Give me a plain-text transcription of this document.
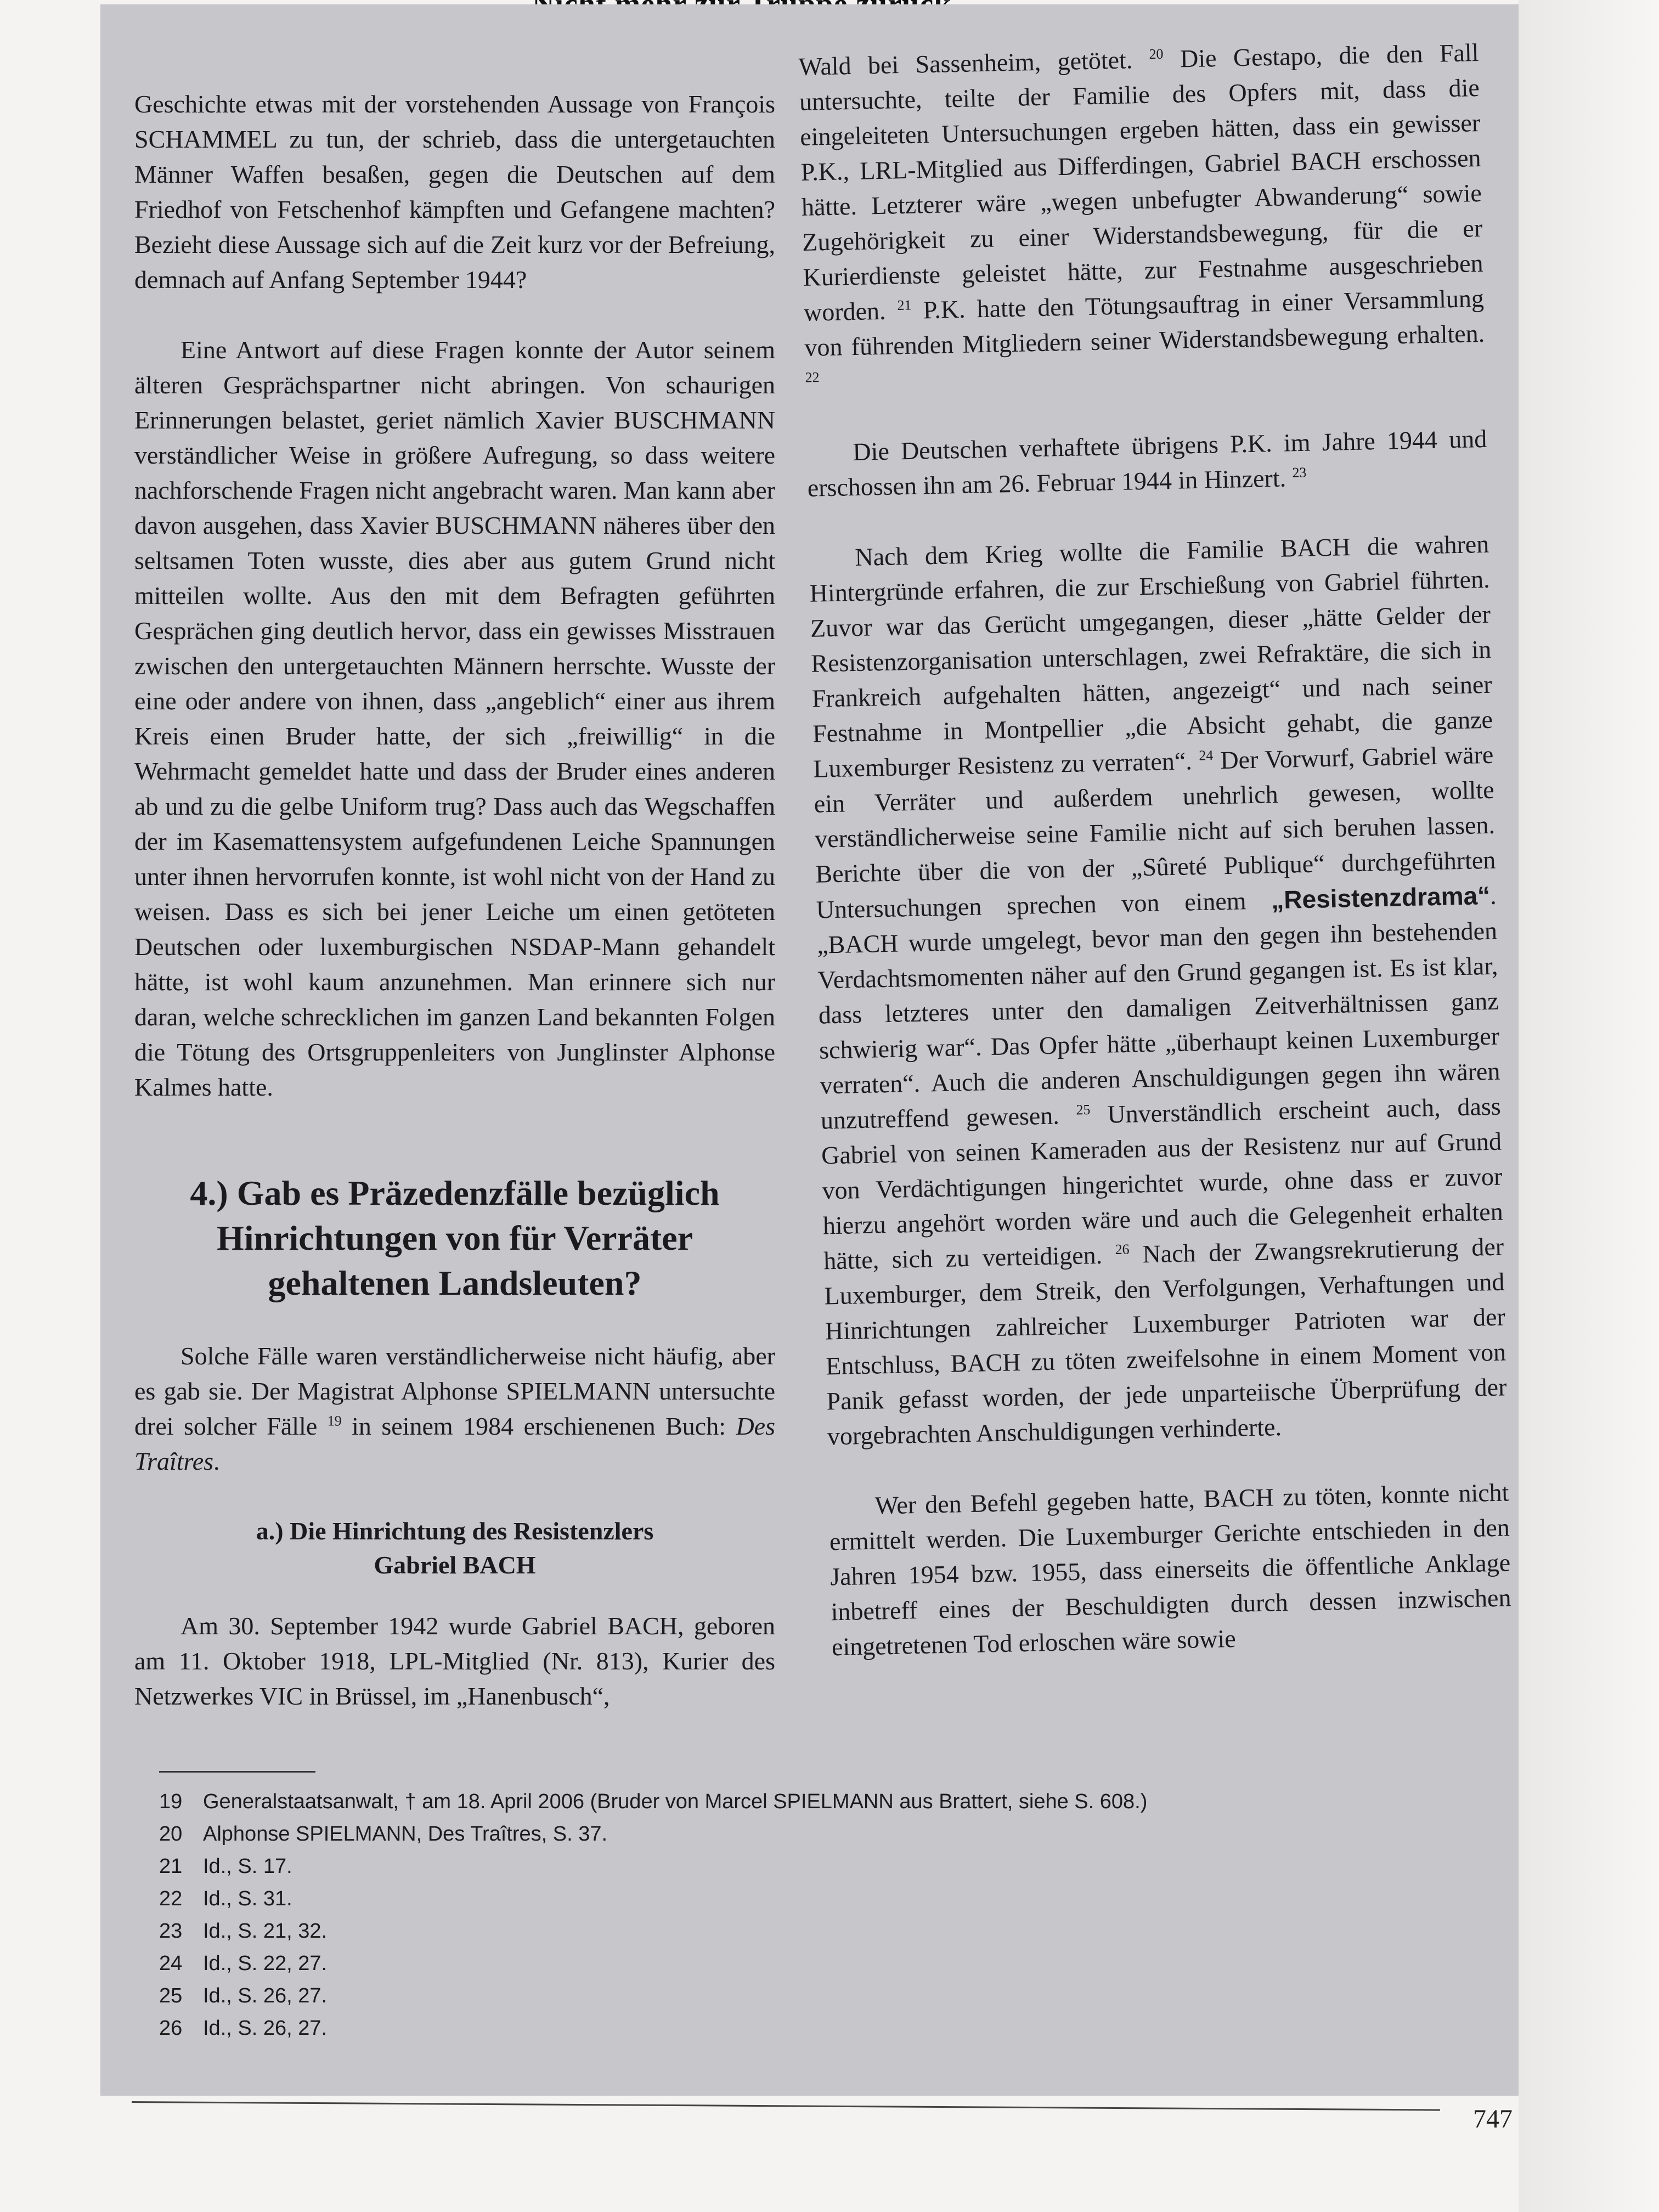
Geschichte etwas mit der vorstehenden Aussage von François SCHAMMEL zu tun, der schrieb, dass die untergetauchten Männer Waffen besaßen, gegen die Deutschen auf dem Friedhof von Fetschenhof kämpften und Gefangene machten? Bezieht diese Aussage sich auf die Zeit kurz vor der Befreiung, demnach auf Anfang September 1944?

Eine Antwort auf diese Fragen konnte der Autor seinem älteren Gesprächspartner nicht abringen. Von schaurigen Erinnerungen belastet, geriet nämlich Xavier BUSCHMANN verständlicher Weise in größere Aufregung, so dass weitere nachforschende Fragen nicht angebracht waren. Man kann aber davon ausgehen, dass Xavier BUSCHMANN näheres über den seltsamen Toten wusste, dies aber aus gutem Grund nicht mitteilen wollte. Aus den mit dem Befragten geführten Gesprächen ging deutlich hervor, dass ein gewisses Misstrauen zwischen den untergetauchten Männern herrschte. Wusste der eine oder andere von ihnen, dass „angeblich“ einer aus ihrem Kreis einen Bruder hatte, der sich „freiwillig“ in die Wehrmacht gemeldet hatte und dass der Bruder eines anderen ab und zu die gelbe Uniform trug? Dass auch das Wegschaffen der im Kasemattensystem aufgefundenen Leiche Spannungen unter ihnen hervorrufen konnte, ist wohl nicht von der Hand zu weisen. Dass es sich bei jener Leiche um einen getöteten Deutschen oder luxemburgischen NSDAP-Mann gehandelt hätte, ist wohl kaum anzunehmen. Man erinnere sich nur daran, welche schrecklichen im ganzen Land bekannten Folgen die Tötung des Ortsgruppenleiters von Junglinster Alphonse Kalmes hatte.

4.) Gab es Präzedenzfälle bezüglich Hinrichtungen von für Verräter gehaltenen Landsleuten?

Solche Fälle waren verständlicherweise nicht häufig, aber es gab sie. Der Magistrat Alphonse SPIELMANN untersuchte drei solcher Fälle $^{19}$ in seinem 1984 erschienenen Buch: Des Traîtres.

a.) Die Hinrichtung des Resistenzlers
Gabriel BACH

Am 30. September 1942 wurde Gabriel BACH, geboren am 11. Oktober 1918, LPL-Mitglied (Nr. 813), Kurier des Netzwerkes VIC in Brüssel, im „Hanenbusch“,

Wald bei Sassenheim, getötet. $^{20}$ Die Gestapo, die den Fall untersuchte, teilte der Familie des Opfers mit, dass die eingeleiteten Untersuchungen ergeben hätten, dass ein gewisser P.K., LRL-Mitglied aus Differdingen, Gabriel BACH erschossen hätte. Letzterer wäre „wegen unbefugter Abwanderung“ sowie Zugehörigkeit zu einer Widerstandsbewegung, für die er Kurierdienste geleistet hätte, zur Festnahme ausgeschrieben worden. $^{21}$ P.K. hatte den Tötungsauftrag in einer Versammlung von führenden Mitgliedern seiner Widerstandsbewegung erhalten. $^{22}$

Die Deutschen verhaftete übrigens P.K. im Jahre 1944 und erschossen ihn am 26. Februar 1944 in Hinzert. $^{23}$

Nach dem Krieg wollte die Familie BACH die wahren Hintergründe erfahren, die zur Erschießung von Gabriel führten. Zuvor war das Gerücht umgegangen, dieser „hätte Gelder der Resistenzorganisation unterschlagen, zwei Refraktäre, die sich in Frankreich aufgehalten hätten, angezeigt“ und nach seiner Festnahme in Montpellier „die Absicht gehabt, die ganze Luxemburger Resistenz zu verraten“. $^{24}$ Der Vorwurf, Gabriel wäre ein Verräter und außerdem unehrlich gewesen, wollte verständlicherweise seine Familie nicht auf sich beruhen lassen. Berichte über die von der „Sûreté Publique“ durchgeführten Untersuchungen sprechen von einem „Resistenzdrama“. „BACH wurde umgelegt, bevor man den gegen ihn bestehenden Verdachtsmomenten näher auf den Grund gegangen ist. Es ist klar, dass letzteres unter den damaligen Zeitverhältnissen ganz schwierig war“. Das Opfer hätte „überhaupt keinen Luxemburger verraten“. Auch die anderen Anschuldigungen gegen ihn wären unzutreffend gewesen. $^{25}$ Unverständlich erscheint auch, dass Gabriel von seinen Kameraden aus der Resistenz nur auf Grund von Verdächtigungen hingerichtet wurde, ohne dass er zuvor hierzu angehört worden wäre und auch die Gelegenheit erhalten hätte, sich zu verteidigen. $^{26}$ Nach der Zwangsrekrutierung der Luxemburger, dem Streik, den Verfolgungen, Verhaftungen und Hinrichtungen zahlreicher Luxemburger Patrioten war der Entschluss, BACH zu töten zweifelsohne in einem Moment von Panik gefasst worden, der jede unparteiische Überprüfung der vorgebrachten Anschuldigungen verhinderte.

Wer den Befehl gegeben hatte, BACH zu töten, konnte nicht ermittelt werden. Die Luxemburger Gerichte entschieden in den Jahren 1954 bzw. 1955, dass einerseits die öffentliche Anklage inbetreff eines der Beschuldigten durch dessen inzwischen eingetretenen Tod erloschen wäre sowie

19 Generalstaatsanwalt, † am 18. April 2006 (Bruder von Marcel SPIELMANN aus Brattert, siehe S. 608.)
20 Alphonse SPIELMANN, Des Traîtres, S. 37.
21 Id., S. 17.
22 Id., S. 31.
23 Id., S. 21, 32.
24 Id., S. 22, 27.
25 Id., S. 26, 27.
26 Id., S. 26, 27.
747
